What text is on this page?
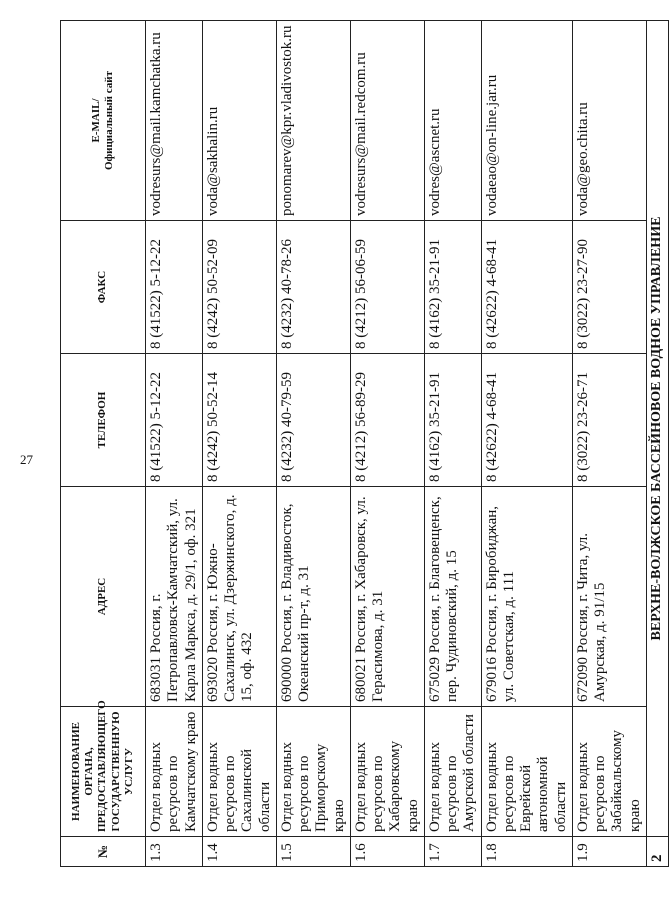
27
№	НАИМЕНОВАНИЕ ОРГАНА, ПРЕДОСТАВЛЯЮЩЕГО ГОСУДАРСТВЕННУЮ УСЛУГУ	АДРЕС	ТЕЛЕФОН	ФАКС	E-MAIL/ Официальный сайт

1.3	Отдел водных ресурсов по Камчатскому краю	683031 Россия, г. Петропавловск-Камчатский, ул. Карла Маркса, д. 29/1, оф. 321	8 (41522) 5-12-22	8 (41522) 5-12-22	vodresurs@mail.kamchatka.ru
1.4	Отдел водных ресурсов по Сахалинской области	693020 Россия, г. Южно-Сахалинск, ул. Дзержинского, д. 15, оф. 432	8 (4242) 50-52-14	8 (4242) 50-52-09	voda@sakhalin.ru
1.5	Отдел водных ресурсов по Приморскому краю	690000 Россия, г. Владивосток, Океанский пр-т, д. 31	8 (4232) 40-79-59	8 (4232) 40-78-26	ponomarev@kpr.vladivostok.ru
1.6	Отдел водных ресурсов по Хабаровскому краю	680021 Россия, г. Хабаровск, ул. Герасимова, д. 31	8 (4212) 56-89-29	8 (4212) 56-06-59	vodresurs@mail.redcom.ru
1.7	Отдел водных ресурсов по Амурской области	675029 Россия, г. Благовещенск, пер. Чудиновский, д. 15	8 (4162) 35-21-91	8 (4162) 35-21-91	vodres@ascnet.ru
1.8	Отдел водных ресурсов по Еврейской автономной области	679016 Россия, г. Биробиджан, ул. Советская, д. 111	8 (42622) 4-68-41	8 (42622) 4-68-41	vodaeao@on-line.jar.ru
1.9	Отдел водных ресурсов по Забайкальскому краю	672090 Россия, г. Чита, ул. Амурская, д. 91/15	8 (3022) 23-26-71	8 (3022) 23-27-90	voda@geo.chita.ru
2	ВЕРХНЕ-ВОЛЖСКОЕ БАССЕЙНОВОЕ ВОДНОЕ УПРАВЛЕНИЕ				
